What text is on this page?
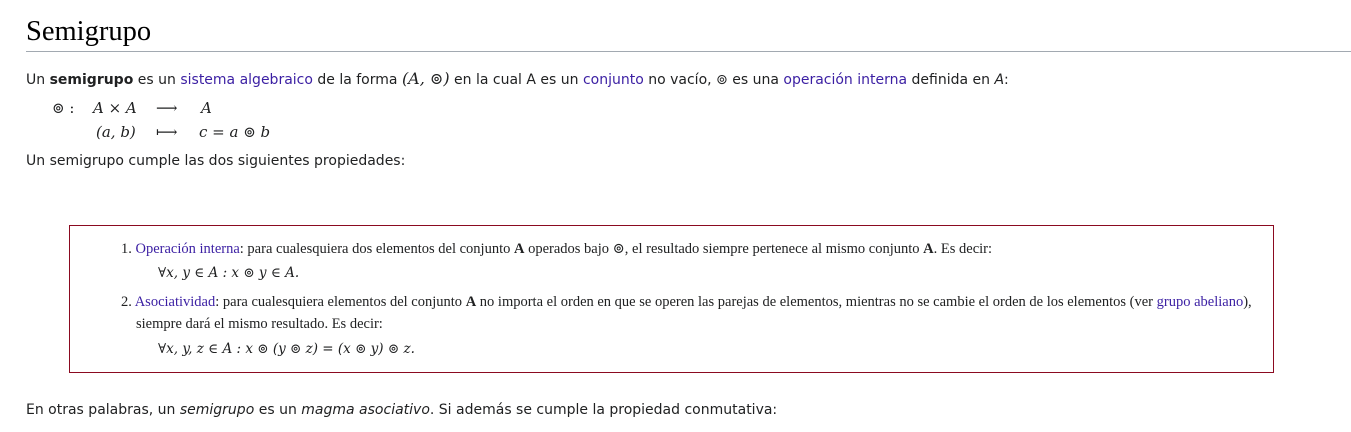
Semigrupo

Un semigrupo es un sistema algebraico de la forma (A, ⊚) en la cual A es un conjunto no vacío, ⊚ es una operación interna definida en A:

⊚ : A × A ⟶ A
(a, b) ⟼ c = a ⊚ b

Un semigrupo cumple las dos siguientes propiedades:

1. Operación interna: para cualesquiera dos elementos del conjunto A operados bajo ⊚, el resultado siempre pertenece al mismo conjunto A. Es decir:
∀x, y ∈ A : x ⊚ y ∈ A.
2. Asociatividad: para cualesquiera elementos del conjunto A no importa el orden en que se operen las parejas de elementos, mientras no se cambie el orden de los elementos (ver grupo abeliano),
siempre dará el mismo resultado. Es decir:
∀x, y, z ∈ A : x ⊚ (y ⊚ z) = (x ⊚ y) ⊚ z.

En otras palabras, un semigrupo es un magma asociativo. Si además se cumple la propiedad conmutativa:
